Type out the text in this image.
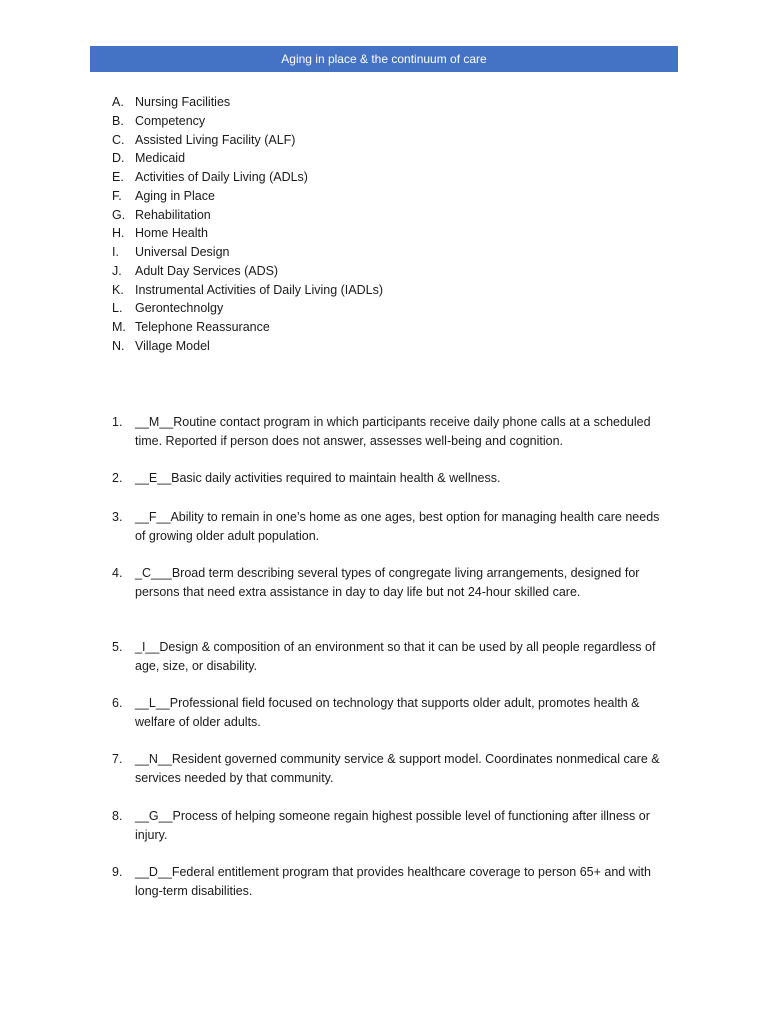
Aging in place & the continuum of care
A. Nursing Facilities
B. Competency
C. Assisted Living Facility (ALF)
D. Medicaid
E. Activities of Daily Living (ADLs)
F. Aging in Place
G. Rehabilitation
H. Home Health
I. Universal Design
J. Adult Day Services (ADS)
K. Instrumental Activities of Daily Living (IADLs)
L. Gerontechnolgy
M. Telephone Reassurance
N. Village Model
1.	__M__Routine contact program in which participants receive daily phone calls at a scheduled time. Reported if person does not answer, assesses well-being and cognition.
2.	__E__Basic daily activities required to maintain health & wellness.
3.	__F__Ability to remain in one’s home as one ages, best option for managing health care needs of growing older adult population.
4.	_C___Broad term describing several types of congregate living arrangements, designed for persons that need extra assistance in day to day life but not 24-hour skilled care.
5.	_I__Design & composition of an environment so that it can be used by all people regardless of age, size, or disability.
6.	__L__Professional field focused on technology that supports older adult, promotes health & welfare of older adults.
7.	__N__Resident governed community service & support model. Coordinates nonmedical care & services needed by that community.
8.	__G__Process of helping someone regain highest possible level of functioning after illness or injury.
9.	__D__Federal entitlement program that provides healthcare coverage to person 65+ and with long-term disabilities.
